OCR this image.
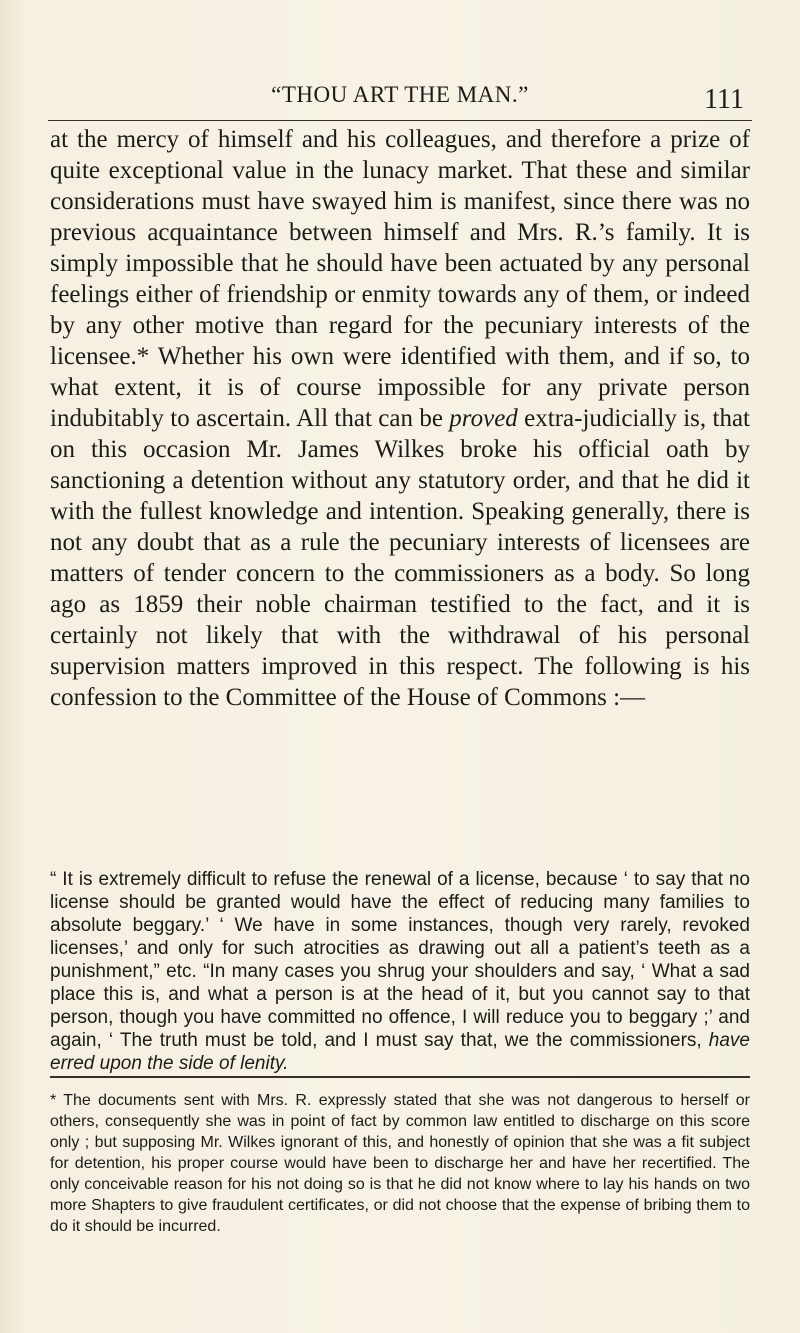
“THOU ART THE MAN.”	111

at the mercy of himself and his colleagues, and therefore a prize of quite exceptional value in the lunacy market. That these and similar considerations must have swayed him is manifest, since there was no previous acquaintance between himself and Mrs. R.’s family. It is simply impossible that he should have been actuated by any personal feelings either of friendship or enmity towards any of them, or indeed by any other motive than regard for the pecuniary interests of the licensee.* Whether his own were identified with them, and if so, to what extent, it is of course impossible for any private person indubitably to ascertain. All that can be proved extra-judicially is, that on this occasion Mr. James Wilkes broke his official oath by sanctioning a detention without any statutory order, and that he did it with the fullest knowledge and intention. Speaking generally, there is not any doubt that as a rule the pecuniary interests of licensees are matters of tender concern to the commissioners as a body. So long ago as 1859 their noble chairman testified to the fact, and it is certainly not likely that with the withdrawal of his personal supervision matters improved in this respect. The following is his confession to the Committee of the House of Commons :—

“ It is extremely difficult to refuse the renewal of a license, because ‘ to say that no license should be granted would have the effect of reducing many families to absolute beggary.’ ‘ We have in some instances, though very rarely, revoked licenses,’ and only for such atrocities as drawing out all a patient’s teeth as a punishment,” etc. “In many cases you shrug your shoulders and say, ‘ What a sad place this is, and what a person is at the head of it, but you cannot say to that person, though you have committed no offence, I will reduce you to beggary ;’ and again, ‘ The truth must be told, and I must say that, we the commissioners, have erred upon the side of lenity.

* The documents sent with Mrs. R. expressly stated that she was not dangerous to herself or others, consequently she was in point of fact by common law entitled to discharge on this score only ; but supposing Mr. Wilkes ignorant of this, and honestly of opinion that she was a fit subject for detention, his proper course would have been to discharge her and have her recertified. The only conceivable reason for his not doing so is that he did not know where to lay his hands on two more Shapters to give fraudulent certificates, or did not choose that the expense of bribing them to do it should be incurred.
